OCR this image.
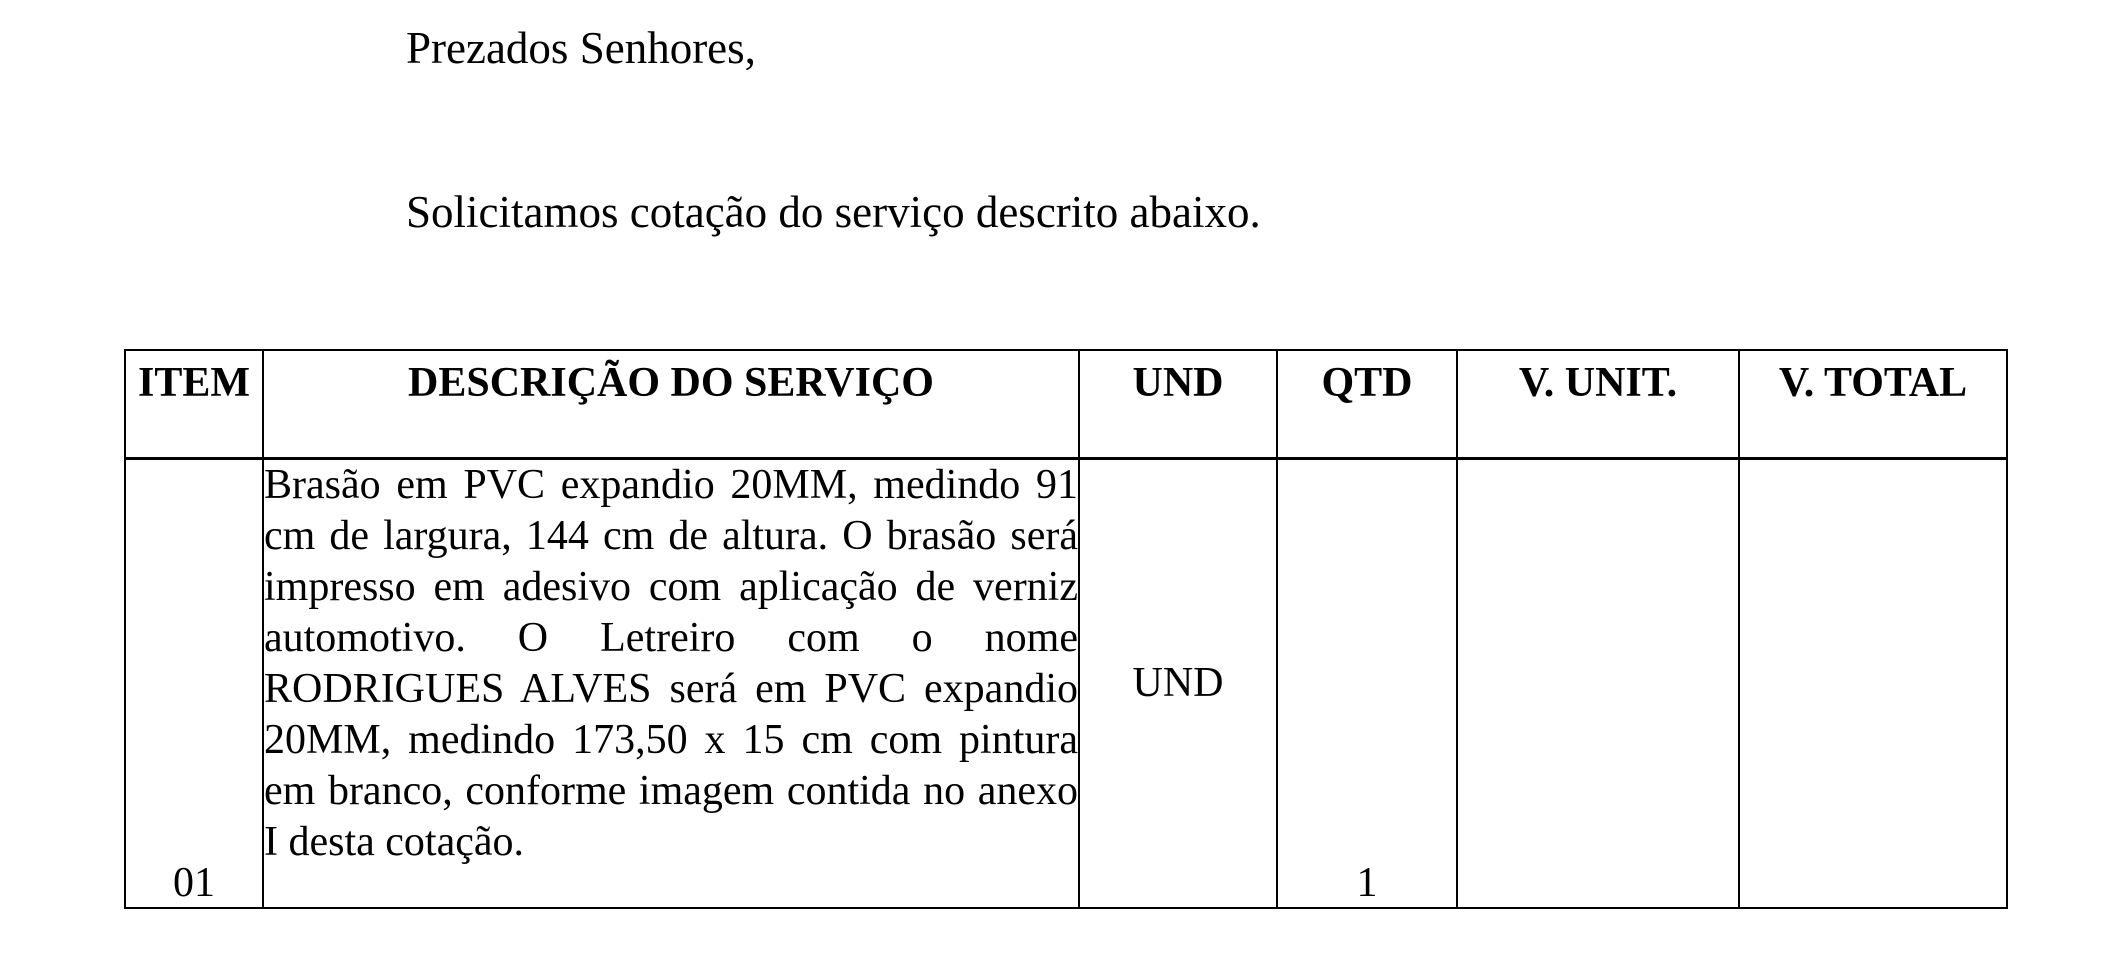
Prezados Senhores,
Solicitamos cotação do serviço descrito abaixo.
ITEM	DESCRIÇÃO DO SERVIÇO	UND	QTD	V. UNIT.	V. TOTAL
01	Brasão em PVC expandio 20MM, medindo 91 cm de largura, 144 cm de altura. O brasão será impresso em adesivo com aplicação de verniz automotivo. O Letreiro com o nome RODRIGUES ALVES será em PVC expandio 20MM, medindo 173,50 x 15 cm com pintura em branco, conforme imagem contida no anexo I desta cotação.	UND	1		
